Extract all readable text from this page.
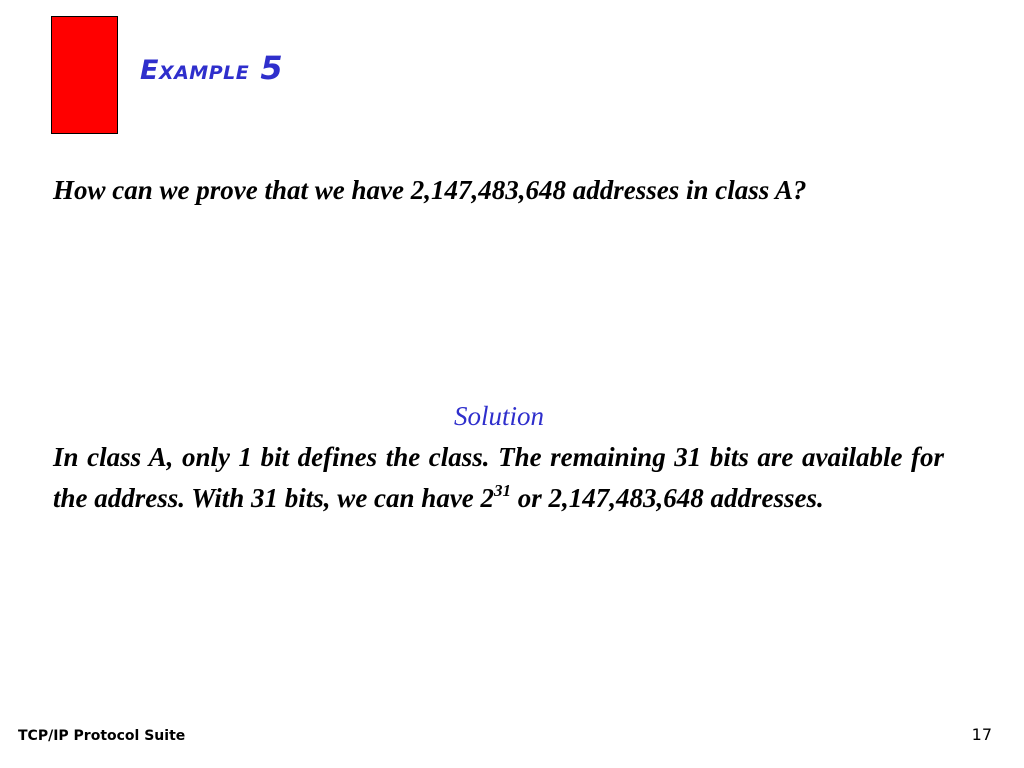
Example 5

How can we prove that we have 2,147,483,648 addresses in class A?

Solution

In class A, only 1 bit defines the class. The remaining 31 bits are available for the address. With 31 bits, we can have $2^{31}$ or 2,147,483,648 addresses.

TCP/IP Protocol Suite	17
